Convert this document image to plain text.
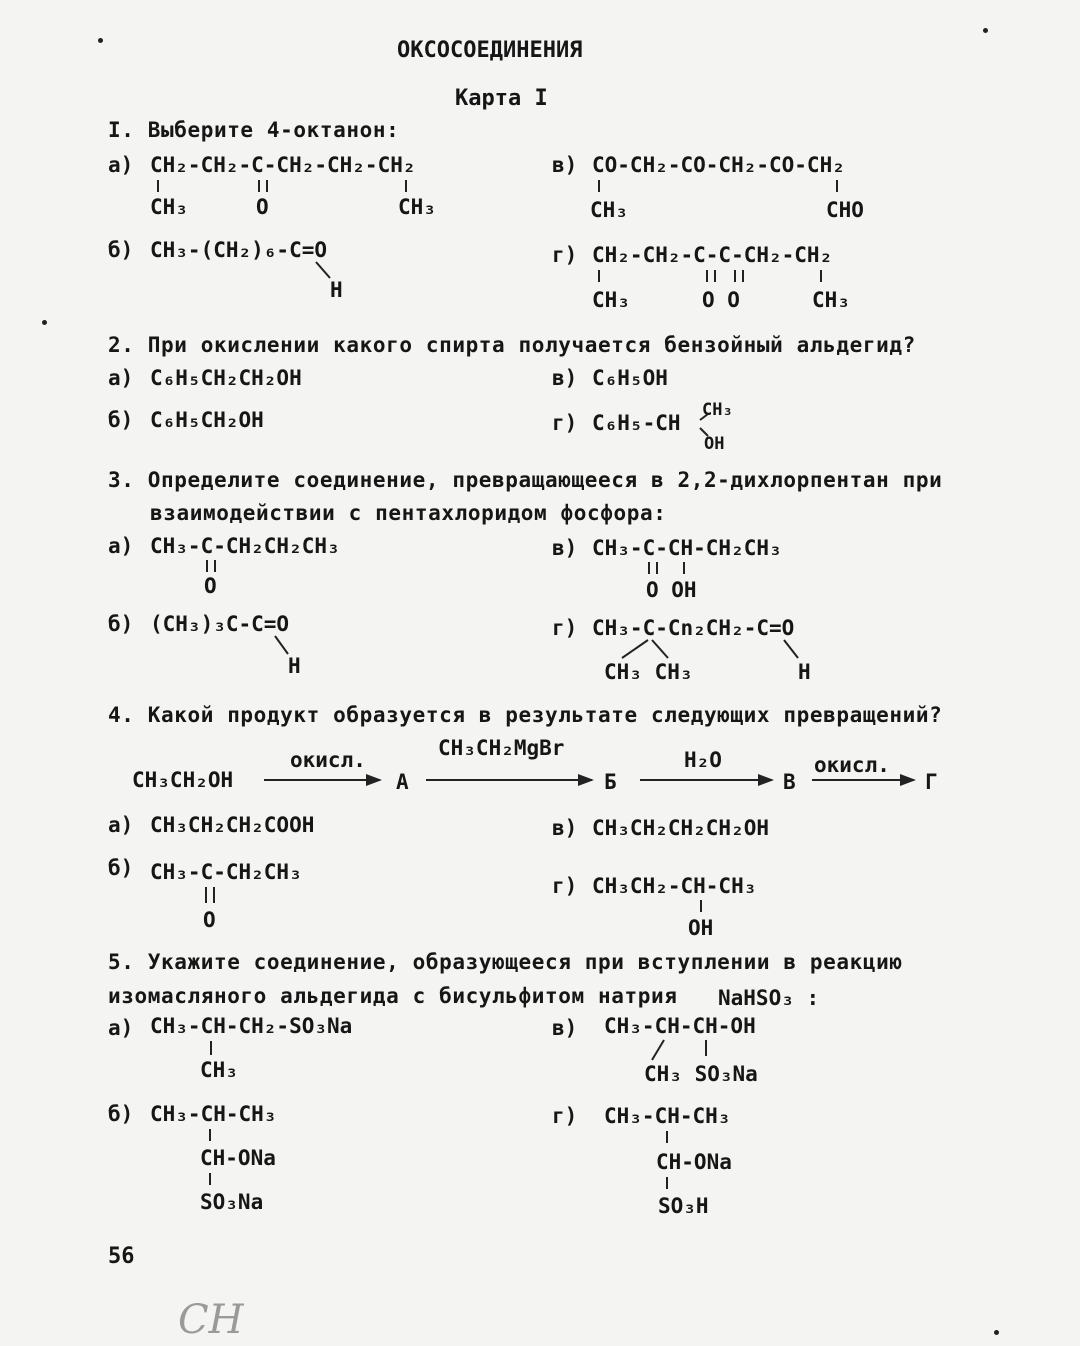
ОКСОСОЕДИНЕНИЯ
Карта I
I. Выберите 4-октанон:
а) CH₂-CH₂-C-CH₂-CH₂-CH₂
CH₃	O	CH₃
б) CH₃-(CH₂)₆-C=O
H
в) CO-CH₂-CO-CH₂-CO-CH₂
CH₃	CHO
г) CH₂-CH₂-C-C-CH₂-CH₂
CH₃	O O	CH₃
2. При окислении какого спирта получается бензойный альдегид?
а) C₆H₅CH₂CH₂OH
б) C₆H₅CH₂OH
в) C₆H₅OH
г) C₆H₅-CH
CH₃
OH
3. Определите соединение, превращающееся в 2,2-дихлорпентан при
взаимодействии с пентахлоридом фосфора:
а) CH₃-C-CH₂CH₂CH₃
O
б) (CH₃)₃C-C=O
H
в) CH₃-C-CH-CH₂CH₃
O OH
г) CH₃-C-Cn₂CH₂-C=O
CH₃ CH₃	H
4. Какой продукт образуется в результате следующих превращений?
CH₃CH₂OH
окисл.
А
CH₃CH₂MgBr
Б
H₂O
В
окисл.
Г
а) CH₃CH₂CH₂COOH
б) CH₃-C-CH₂CH₃
O
в) CH₃CH₂CH₂CH₂OH
г) CH₃CH₂-CH-CH₃
OH
5. Укажите соединение, образующееся при вступлении в реакцию
изомасляного альдегида с бисульфитом натрия NaHSO₃ :
а) CH₃-CH-CH₂-SO₃Na
CH₃
б) CH₃-CH-CH₃
CH-ONa
SO₃Na
в) CH₃-CH-CH-OH
CH₃ SO₃Na
г) CH₃-CH-CH₃
CH-ONa
SO₃H
56
СН
